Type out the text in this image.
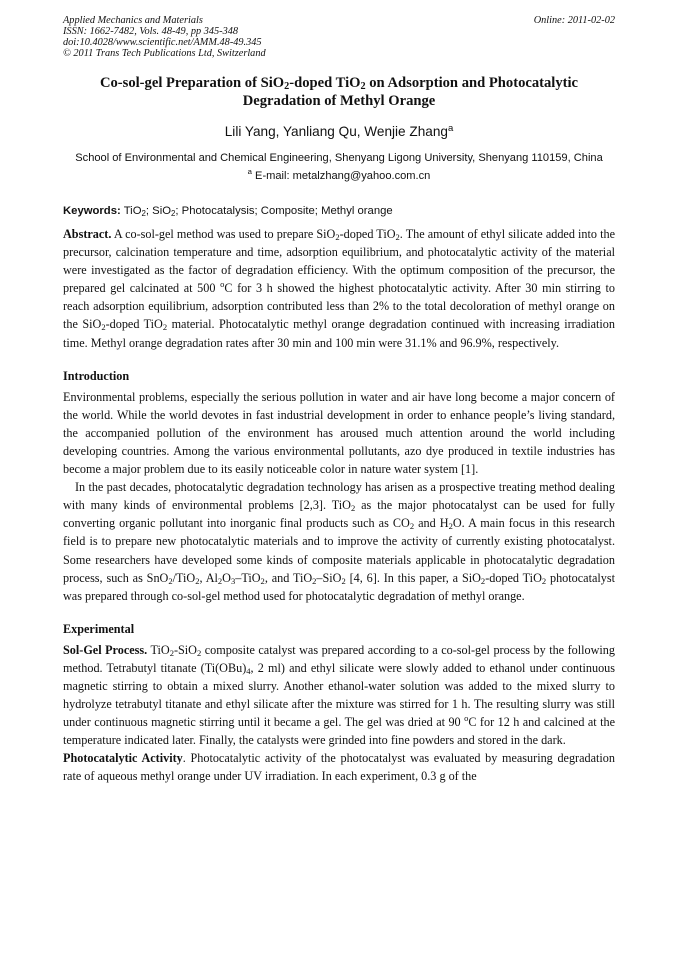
Applied Mechanics and Materials
ISSN: 1662-7482, Vols. 48-49, pp 345-348
doi:10.4028/www.scientific.net/AMM.48-49.345
© 2011 Trans Tech Publications Ltd, Switzerland
Online: 2011-02-02
Co-sol-gel Preparation of SiO$_2$-doped TiO$_2$ on Adsorption and Photocatalytic Degradation of Methyl Orange
Lili Yang, Yanliang Qu, Wenjie Zhang$^a$
School of Environmental and Chemical Engineering, Shenyang Ligong University, Shenyang 110159, China
$^a$ E-mail: metalzhang@yahoo.com.cn
Keywords: TiO$_2$; SiO$_2$; Photocatalysis; Composite; Methyl orange

Abstract. A co-sol-gel method was used to prepare SiO$_2$-doped TiO$_2$. The amount of ethyl silicate added into the precursor, calcination temperature and time, adsorption equilibrium, and photocatalytic activity of the material were investigated as the factor of degradation efficiency. With the optimum composition of the precursor, the prepared gel calcinated at 500 $^o$C for 3 h showed the highest photocatalytic activity. After 30 min stirring to reach adsorption equilibrium, adsorption contributed less than 2% to the total decoloration of methyl orange on the SiO$_2$-doped TiO$_2$ material. Photocatalytic methyl orange degradation continued with increasing irradiation time. Methyl orange degradation rates after 30 min and 100 min were 31.1% and 96.9%, respectively.

Introduction

Environmental problems, especially the serious pollution in water and air have long become a major concern of the world. While the world devotes in fast industrial development in order to enhance people’s living standard, the accompanied pollution of the environment has aroused much attention around the world including developing countries. Among the various environmental pollutants, azo dye produced in textile industries has become a major problem due to its easily noticeable color in nature water system [1].

In the past decades, photocatalytic degradation technology has arisen as a prospective treating method dealing with many kinds of environmental problems [2,3]. TiO$_2$ as the major photocatalyst can be used for fully converting organic pollutant into inorganic final products such as $CO_2$ and $H_2O$. A main focus in this research field is to prepare new photocatalytic materials and to improve the activity of currently existing photocatalyst. Some researchers have developed some kinds of composite materials applicable in photocatalytic degradation process, such as SnO$_2$/TiO$_2$, $Al_2O_3-TiO_2$, and TiO$_2$–SiO$_2$ [4, 6]. In this paper, a SiO$_2$-doped TiO$_2$ photocatalyst was prepared through co-sol-gel method used for photocatalytic degradation of methyl orange.

Experimental

Sol-Gel Process. TiO$_2$-SiO$_2$ composite catalyst was prepared according to a co-sol-gel process by the following method. Tetrabutyl titanate ($Ti(OBu)_4$, 2 ml) and ethyl silicate were slowly added to ethanol under continuous magnetic stirring to obtain a mixed slurry. Another ethanol-water solution was added to the mixed slurry to hydrolyze tetrabutyl titanate and ethyl silicate after the mixture was stirred for 1 h. The resulting slurry was still under continuous magnetic stirring until it became a gel. The gel was dried at 90 $^o$C for 12 h and calcined at the temperature indicated later. Finally, the catalysts were grinded into fine powders and stored in the dark.

Photocatalytic Activity. Photocatalytic activity of the photocatalyst was evaluated by measuring degradation rate of aqueous methyl orange under UV irradiation. In each experiment, 0.3 g of the
